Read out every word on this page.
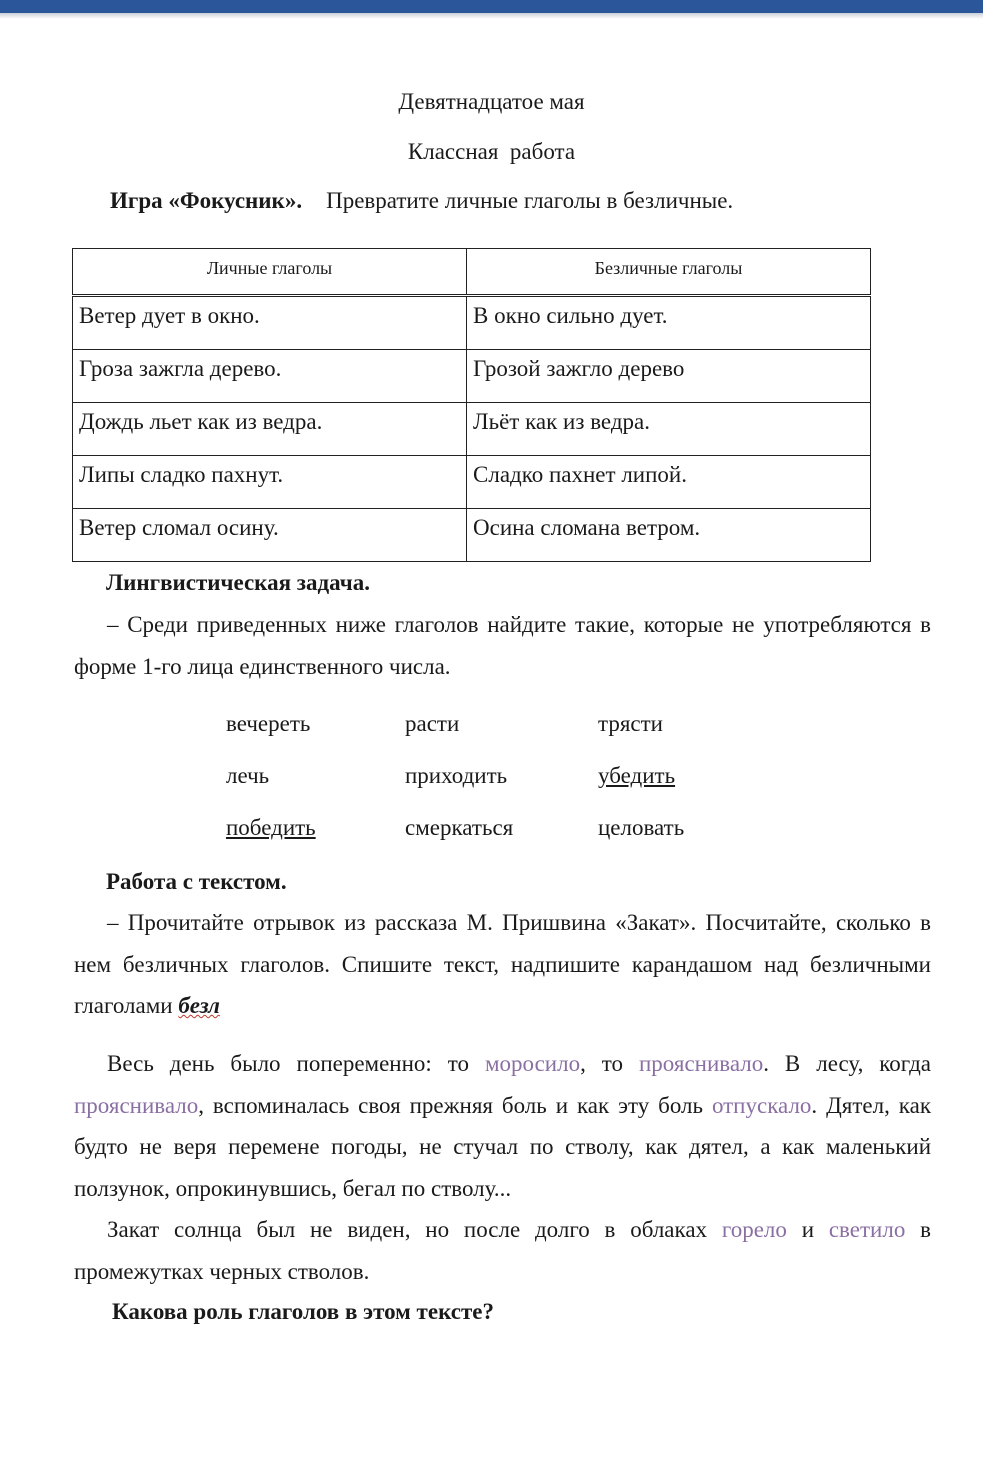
Девятнадцатое мая
Классная  работа
Игра «Фокусник». Превратите личные глаголы в безличные.
Личные глаголы	Безличные глаголы
Ветер дует в окно.	В окно сильно дует.
Гроза зажгла дерево.	Грозой зажгло дерево
Дождь льет как из ведра.	Льёт как из ведра.
Липы сладко пахнут.	Сладко пахнет липой.
Ветер сломал осину.	Осина сломана ветром.
Лингвистическая задача.
– Среди приведенных ниже глаголов найдите такие, которые не употребляются в форме 1-го лица единственного числа.
вечереть	расти	трясти
лечь	приходить	убедить
победить	смеркаться	целовать
Работа с текстом.
– Прочитайте отрывок из рассказа М. Пришвина «Закат». Посчитайте, сколько в нем безличных глаголов. Спишите текст, надпишите карандашом над безличными глаголами безл
Весь день было попеременно: то моросило, то прояснивало. В лесу, когда прояснивало, вспоминалась своя прежняя боль и как эту боль отпускало. Дятел, как будто не веря перемене погоды, не стучал по стволу, как дятел, а как маленький ползунок, опрокинувшись, бегал по стволу...
Закат солнца был не виден, но после долго в облаках горело и светило в промежутках черных стволов.
Какова роль глаголов в этом тексте?
